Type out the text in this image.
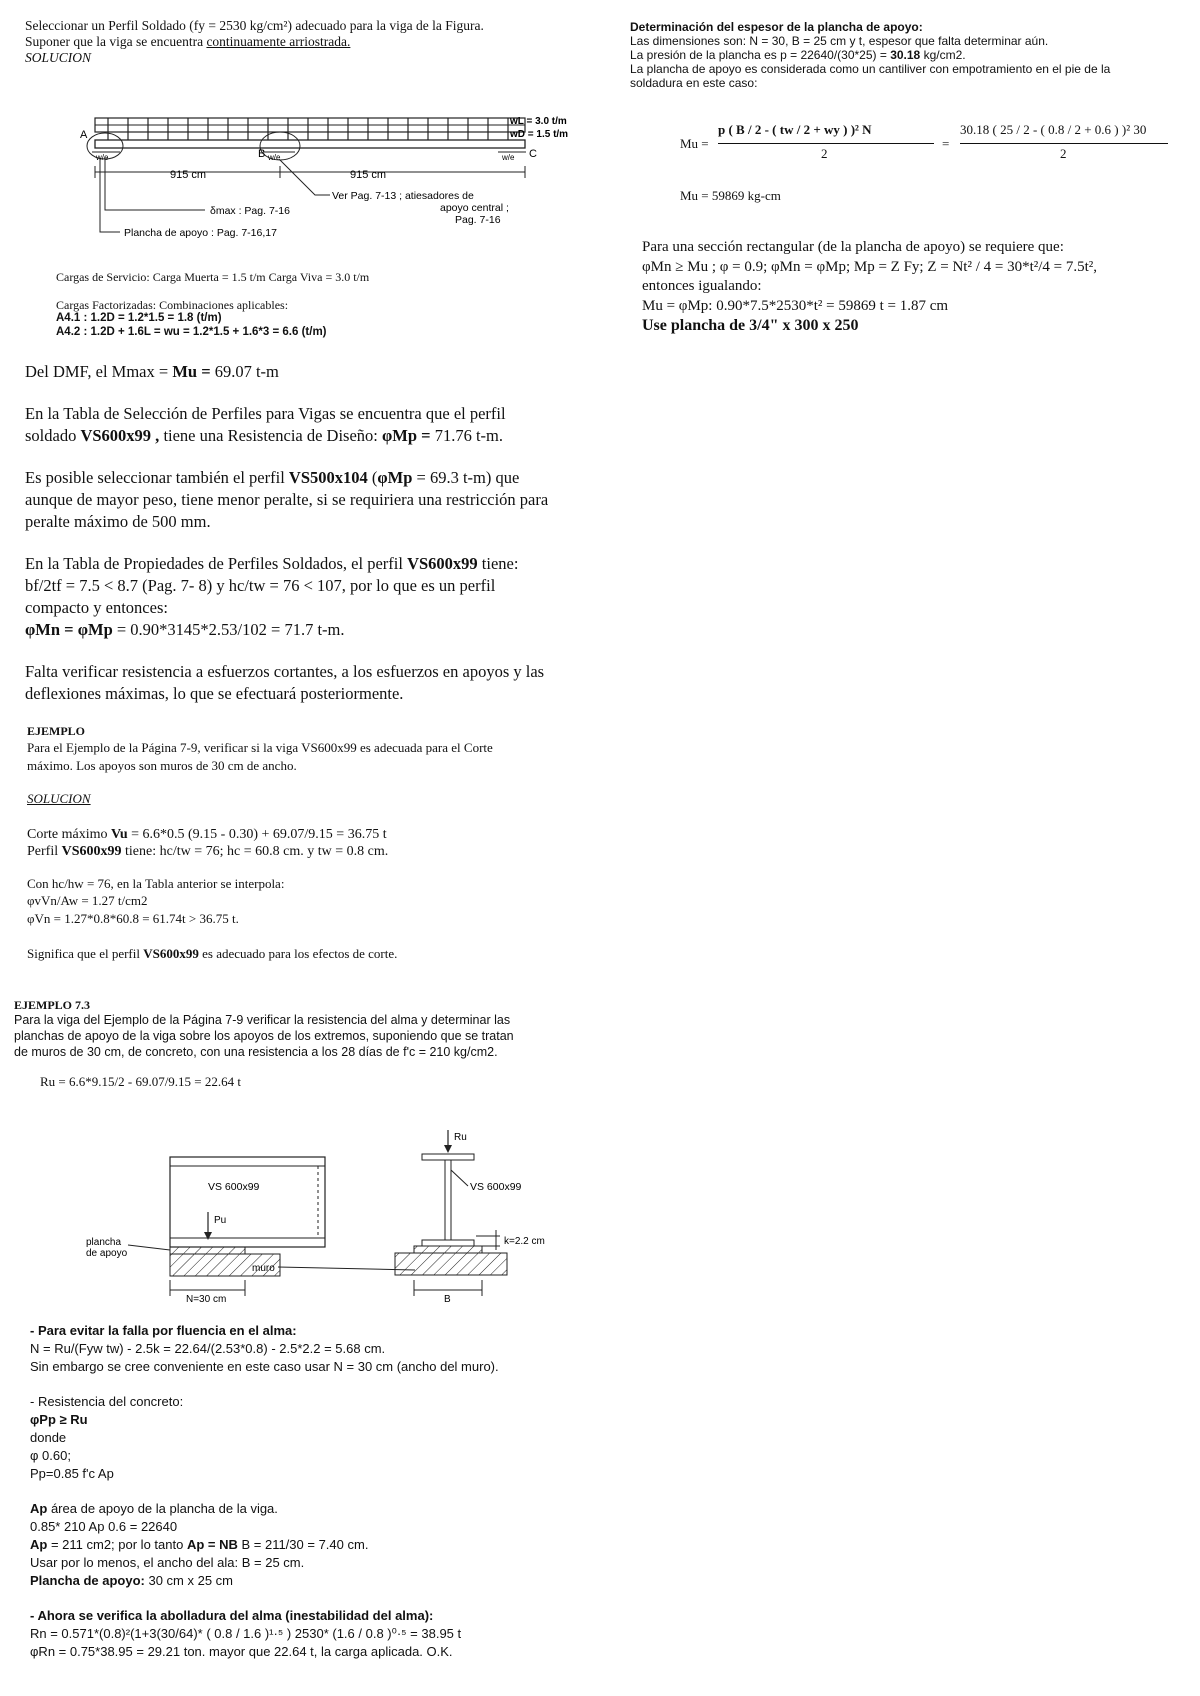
Seleccionar un Perfil Soldado (fy = 2530 kg/cm²) adecuado para la viga de la Figura.
Suponer que la viga se encuentra continuamente arriostrada.
SOLUCION
A
B	C
w/e	w/e	w/e
wL = 3.0 t/m
wD = 1.5 t/m
915 cm	915 cm
Ver Pag. 7-13 ; atiesadores de
apoyo central ;
Pag. 7-16
δmax : Pag. 7-16
Plancha de apoyo : Pag. 7-16,17
Cargas de Servicio: Carga Muerta = 1.5 t/m Carga Viva = 3.0 t/m
Cargas Factorizadas: Combinaciones aplicables:
A4.1 : 1.2D = 1.2*1.5 = 1.8 (t/m)
A4.2 : 1.2D + 1.6L = wu = 1.2*1.5 + 1.6*3 = 6.6 (t/m)
Del DMF, el Mmax = Mu = 69.07 t-m
En la Tabla de Selección de Perfiles para Vigas se encuentra que el perfil
soldado VS600x99 , tiene una Resistencia de Diseño: φMp = 71.76 t-m.
Es posible seleccionar también el perfil VS500x104 (φMp = 69.3 t-m) que
aunque de mayor peso, tiene menor peralte, si se requiriera una restricción para
peralte máximo de 500 mm.
En la Tabla de Propiedades de Perfiles Soldados, el perfil VS600x99 tiene:
bf/2tf = 7.5 < 8.7 (Pag. 7- 8) y hc/tw = 76 < 107, por lo que es un perfil
compacto y entonces:
φMn = φMp = 0.90*3145*2.53/102 = 71.7 t-m.
Falta verificar resistencia a esfuerzos cortantes, a los esfuerzos en apoyos y las
deflexiones máximas, lo que se efectuará posteriormente.
EJEMPLO
Para el Ejemplo de la Página 7-9, verificar si la viga VS600x99 es adecuada para el Corte
máximo. Los apoyos son muros de 30 cm de ancho.
SOLUCION
Corte máximo Vu = 6.6*0.5 (9.15 - 0.30) + 69.07/9.15 = 36.75 t
Perfil VS600x99 tiene: hc/tw = 76; hc = 60.8 cm. y tw = 0.8 cm.
Con hc/hw = 76, en la Tabla anterior se interpola:
φvVn/Aw = 1.27 t/cm2
φVn = 1.27*0.8*60.8 = 61.74t > 36.75 t.
Significa que el perfil VS600x99 es adecuado para los efectos de corte.
EJEMPLO 7.3
Para la viga del Ejemplo de la Página 7-9 verificar la resistencia del alma y determinar las
planchas de apoyo de la viga sobre los apoyos de los extremos, suponiendo que se tratan
de muros de 30 cm, de concreto, con una resistencia a los 28 días de f'c = 210 kg/cm2.
Ru = 6.6*9.15/2 - 69.07/9.15 = 22.64 t
VS 600x99
Pu
plancha
de apoyo
muro
N=30 cm
Ru
VS 600x99
k=2.2 cm
B
- Para evitar la falla por fluencia en el alma:
N = Ru/(Fyw tw) - 2.5k = 22.64/(2.53*0.8) - 2.5*2.2 = 5.68 cm.
Sin embargo se cree conveniente en este caso usar N = 30 cm (ancho del muro).
- Resistencia del concreto:
φPp ≥ Ru
donde
φ 0.60;
Pp=0.85 f'c Ap
Ap área de apoyo de la plancha de la viga.
0.85* 210 Ap 0.6 = 22640
Ap = 211 cm2; por lo tanto Ap = NB B = 211/30 = 7.40 cm.
Usar por lo menos, el ancho del ala: B = 25 cm.
Plancha de apoyo: 30 cm x 25 cm
- Ahora se verifica la abolladura del alma (inestabilidad del alma):
Rn = 0.571*(0.8)²(1+3(30/64)* ( 0.8 / 1.6 )¹·⁵ ) 2530* (1.6 / 0.8 )⁰·⁵ = 38.95 t
φRn = 0.75*38.95 = 29.21 ton. mayor que 22.64 t, la carga aplicada. O.K.
Determinación del espesor de la plancha de apoyo:
Las dimensiones son: N = 30, B = 25 cm y t, espesor que falta determinar aún.
La presión de la plancha es p = 22640/(30*25) = 30.18 kg/cm2.
La plancha de apoyo es considerada como un cantiliver con empotramiento en el pie de la
soldadura en este caso:
Mu =
p ( B / 2 - ( tw / 2 + wy ) )² N
2
=
30.18 ( 25 / 2 - ( 0.8 / 2 + 0.6 ) )² 30
2
Mu = 59869 kg-cm
Para una sección rectangular (de la plancha de apoyo) se requiere que:
φMn ≥ Mu ; φ = 0.9; φMn = φMp; Mp = Z Fy; Z = Nt² / 4 = 30*t²/4 = 7.5t²,
entonces igualando:
Mu = φMp: 0.90*7.5*2530*t² = 59869 t = 1.87 cm
Use plancha de 3/4" x 300 x 250
